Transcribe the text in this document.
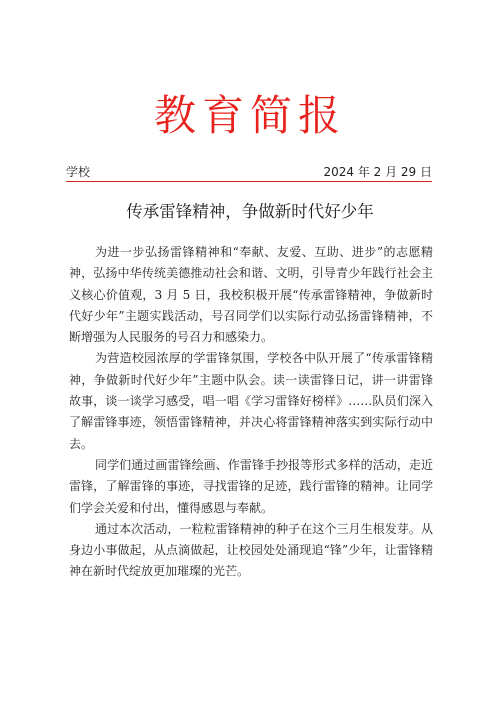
教育简报
学校	2024 年 2 月 29 日
传承雷锋精神，争做新时代好少年

为进一步弘扬雷锋精神和“奉献、友爱、互助、进步”的志愿精神，弘扬中华传统美德推动社会和谐、文明，引导青少年践行社会主义核心价值观，3 月 5 日，我校积极开展“传承雷锋精神，争做新时代好少年”主题实践活动，号召同学们以实际行动弘扬雷锋精神，不断增强为人民服务的号召力和感染力。

为营造校园浓厚的学雷锋氛围，学校各中队开展了“传承雷锋精神，争做新时代好少年”主题中队会。读一读雷锋日记，讲一讲雷锋故事，谈一谈学习感受，唱一唱《学习雷锋好榜样》……队员们深入了解雷锋事迹，领悟雷锋精神，并决心将雷锋精神落实到实际行动中去。

同学们通过画雷锋绘画、作雷锋手抄报等形式多样的活动，走近雷锋，了解雷锋的事迹，寻找雷锋的足迹，践行雷锋的精神。让同学们学会关爱和付出，懂得感恩与奉献。

通过本次活动，一粒粒雷锋精神的种子在这个三月生根发芽。从身边小事做起，从点滴做起，让校园处处涌现追“锋”少年，让雷锋精神在新时代绽放更加璀璨的光芒。
